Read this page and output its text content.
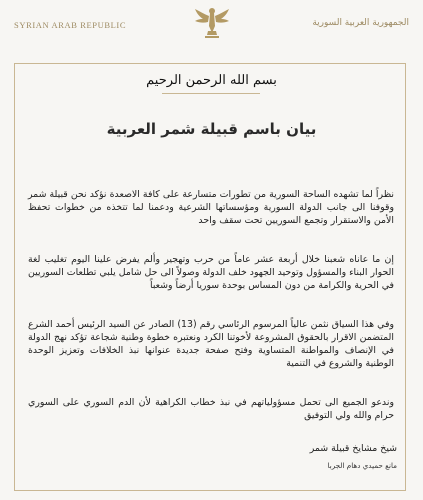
SYRIAN ARAB REPUBLIC	الجمهورية العربية السورية
بسم الله الرحمن الرحيم
بيان باسم قبيلة شمر العربية

نظراً لما تشهده الساحة السورية من تطورات متسارعة على كافة الاصعدة نؤكد نحن قبيلة شمر وقوفنا الى جانب الدولة السورية ومؤسساتها الشرعية ودعمنا لما تتخذه من خطوات تحفظ الأمن والاستقرار وتجمع السوريين تحت سقف واحد

إن ما عاناه شعبنا خلال أربعة عشر عاماً من حرب وتهجير وألم يفرض علينا اليوم تغليب لغة الحوار البناء والمسؤول وتوحيد الجهود خلف الدولة وصولاً الى حل شامل يلبي تطلعات السوريين في الحرية والكرامة من دون المساس بوحدة سوريا أرضاً وشعباً

وفي هذا السياق نثمن عالياً المرسوم الرئاسي رقم (13) الصادر عن السيد الرئيس أحمد الشرع المتضمن الاقرار بالحقوق المشروعة لأخوتنا الكرد ونعتبره خطوة وطنية شجاعة تؤكد نهج الدولة في الإنصاف والمواطنة المتساوية وفتح صفحة جديدة عنوانها نبذ الخلافات وتعزيز الوحدة الوطنية والشروع في التنمية

وندعو الجميع الى تحمل مسؤولياتهم في نبذ خطاب الكراهية لأن الدم السوري على السوري حرام والله ولي التوفيق

شيخ مشايخ قبيلة شمر
مانع حميدي دهام الجربا
